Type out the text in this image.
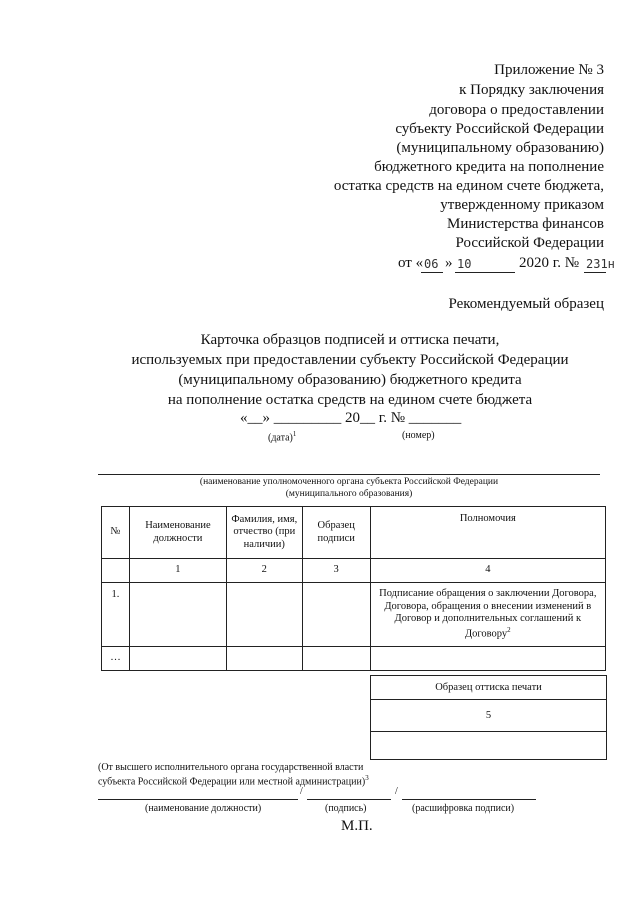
Приложение № 3
к Порядку заключения
договора о предоставлении
субъекту Российской Федерации
(муниципальному образованию)
бюджетного кредита на пополнение
остатка средств на едином счете бюджета,
утвержденному приказом
Министерства финансов
Российской Федерации
от « 06 » 10	2020 г. № 231н
Рекомендуемый образец
Карточка образцов подписей и оттиска печати,
используемых при предоставлении субъекту Российской Федерации
(муниципальному образованию) бюджетного кредита
на пополнение остатка средств на едином счете бюджета
«__» _________ 20__ г. № _______
(дата)$^1$	(номер)
(наименование уполномоченного органа субъекта Российской Федерации
(муниципального образования)
№	Наименование должности	Фамилия, имя, отчество (при наличии)	Образец подписи	Полномочия
	1	2	3	4
1.				Подписание обращения о заключении Договора, Договора, обращения о внесении изменений в Договор и дополнительных соглашений к Договору$^2$
…				
Образец оттиска печати
5

(От высшего исполнительного органа государственной власти
субъекта Российской Федерации или местной администрации)$^3$
/	/
(наименование должности)	(подпись)	(расшифровка подписи)
М.П.
